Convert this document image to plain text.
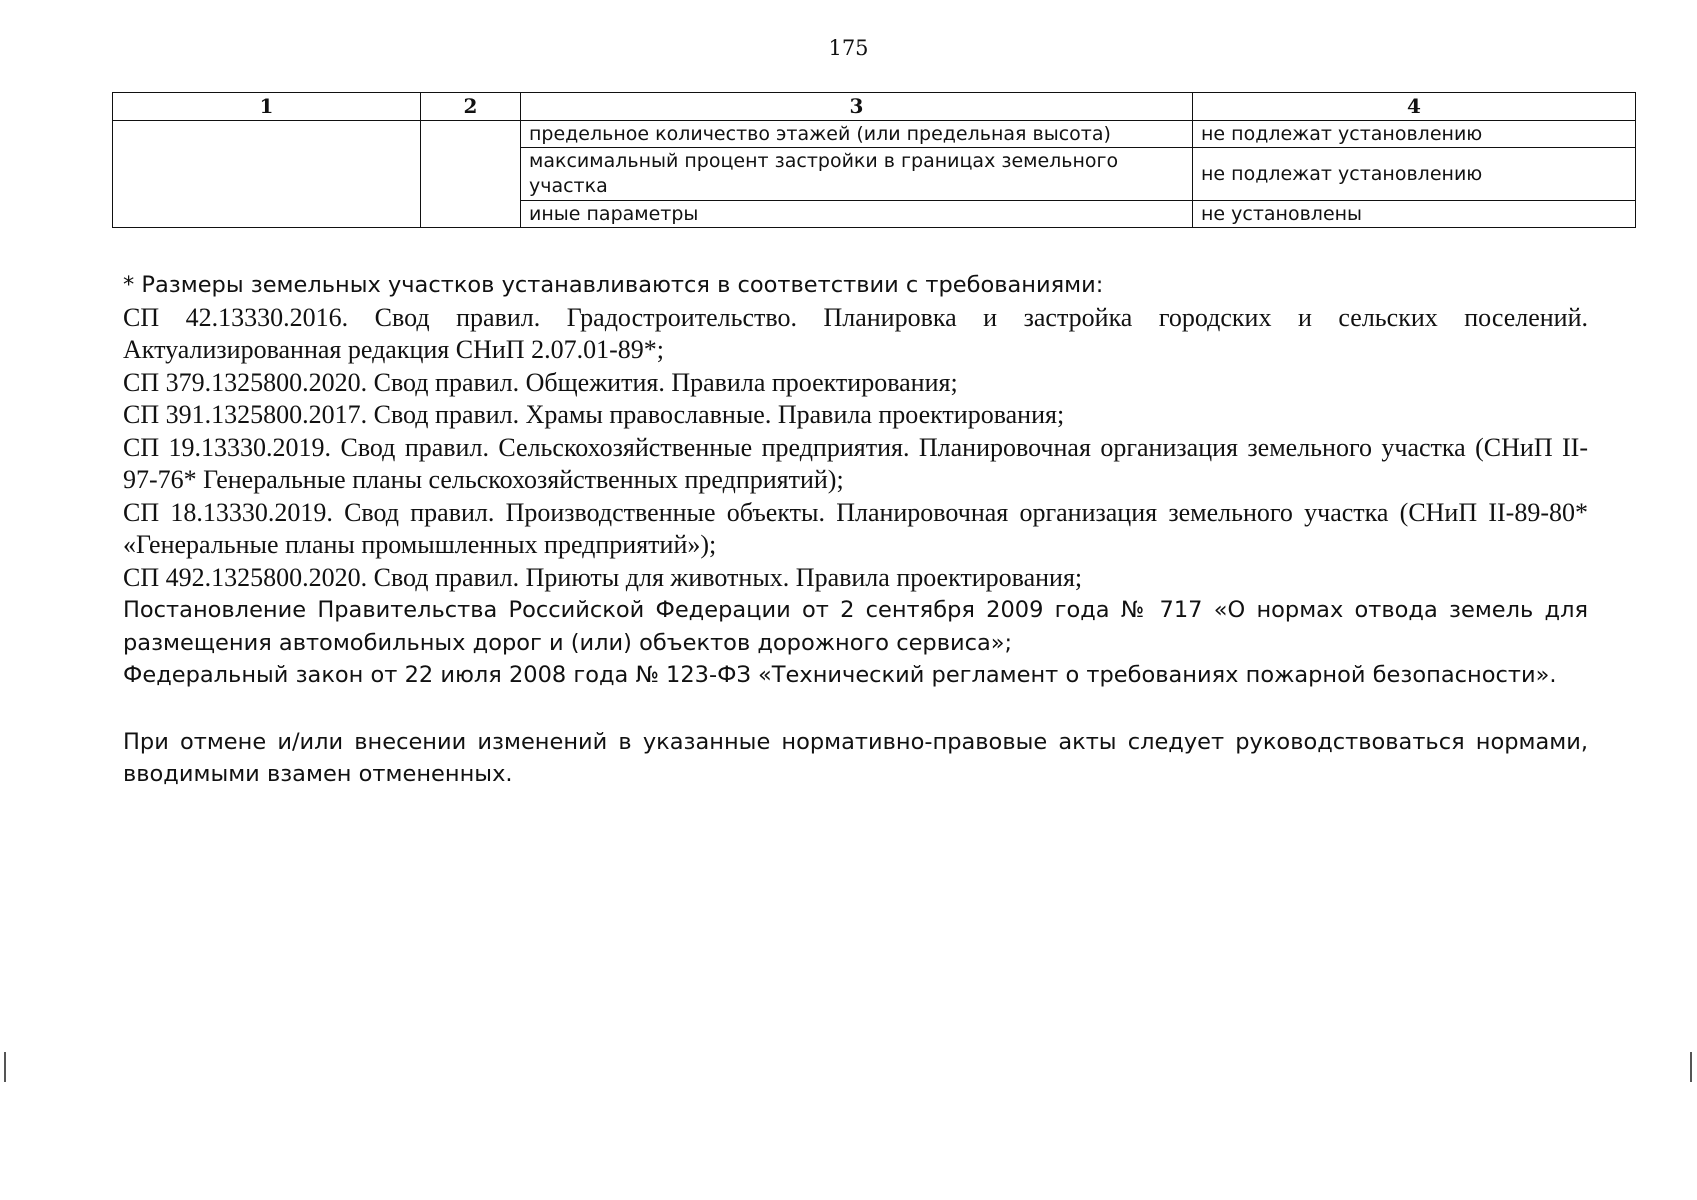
175
1	2	3	4
		предельное количество этажей (или предельная высота)	не подлежат установлению
		максимальный процент застройки в границах земельного участка	не подлежат установлению
		иные параметры	не установлены

* Размеры земельных участков устанавливаются в соответствии с требованиями:

СП 42.13330.2016. Свод правил. Градостроительство. Планировка и застройка городских и сельских поселений. Актуализированная редакция СНиП 2.07.01-89*;

СП 379.1325800.2020. Свод правил. Общежития. Правила проектирования;

СП 391.1325800.2017. Свод правил. Храмы православные. Правила проектирования;

СП 19.13330.2019. Свод правил. Сельскохозяйственные предприятия. Планировочная организация земельного участка (СНиП II-97-76* Генеральные планы сельскохозяйственных предприятий);

СП 18.13330.2019. Свод правил. Производственные объекты. Планировочная организация земельного участка (СНиП II-89-80* «Генеральные планы промышленных предприятий»);

СП 492.1325800.2020. Свод правил. Приюты для животных. Правила проектирования;

Постановление Правительства Российской Федерации от 2 сентября 2009 года № 717 «О нормах отвода земель для размещения автомобильных дорог и (или) объектов дорожного сервиса»;

Федеральный закон от 22 июля 2008 года № 123-ФЗ «Технический регламент о требованиях пожарной безопасности».

При отмене и/или внесении изменений в указанные нормативно-правовые акты следует руководствоваться нормами, вводимыми взамен отмененных.
